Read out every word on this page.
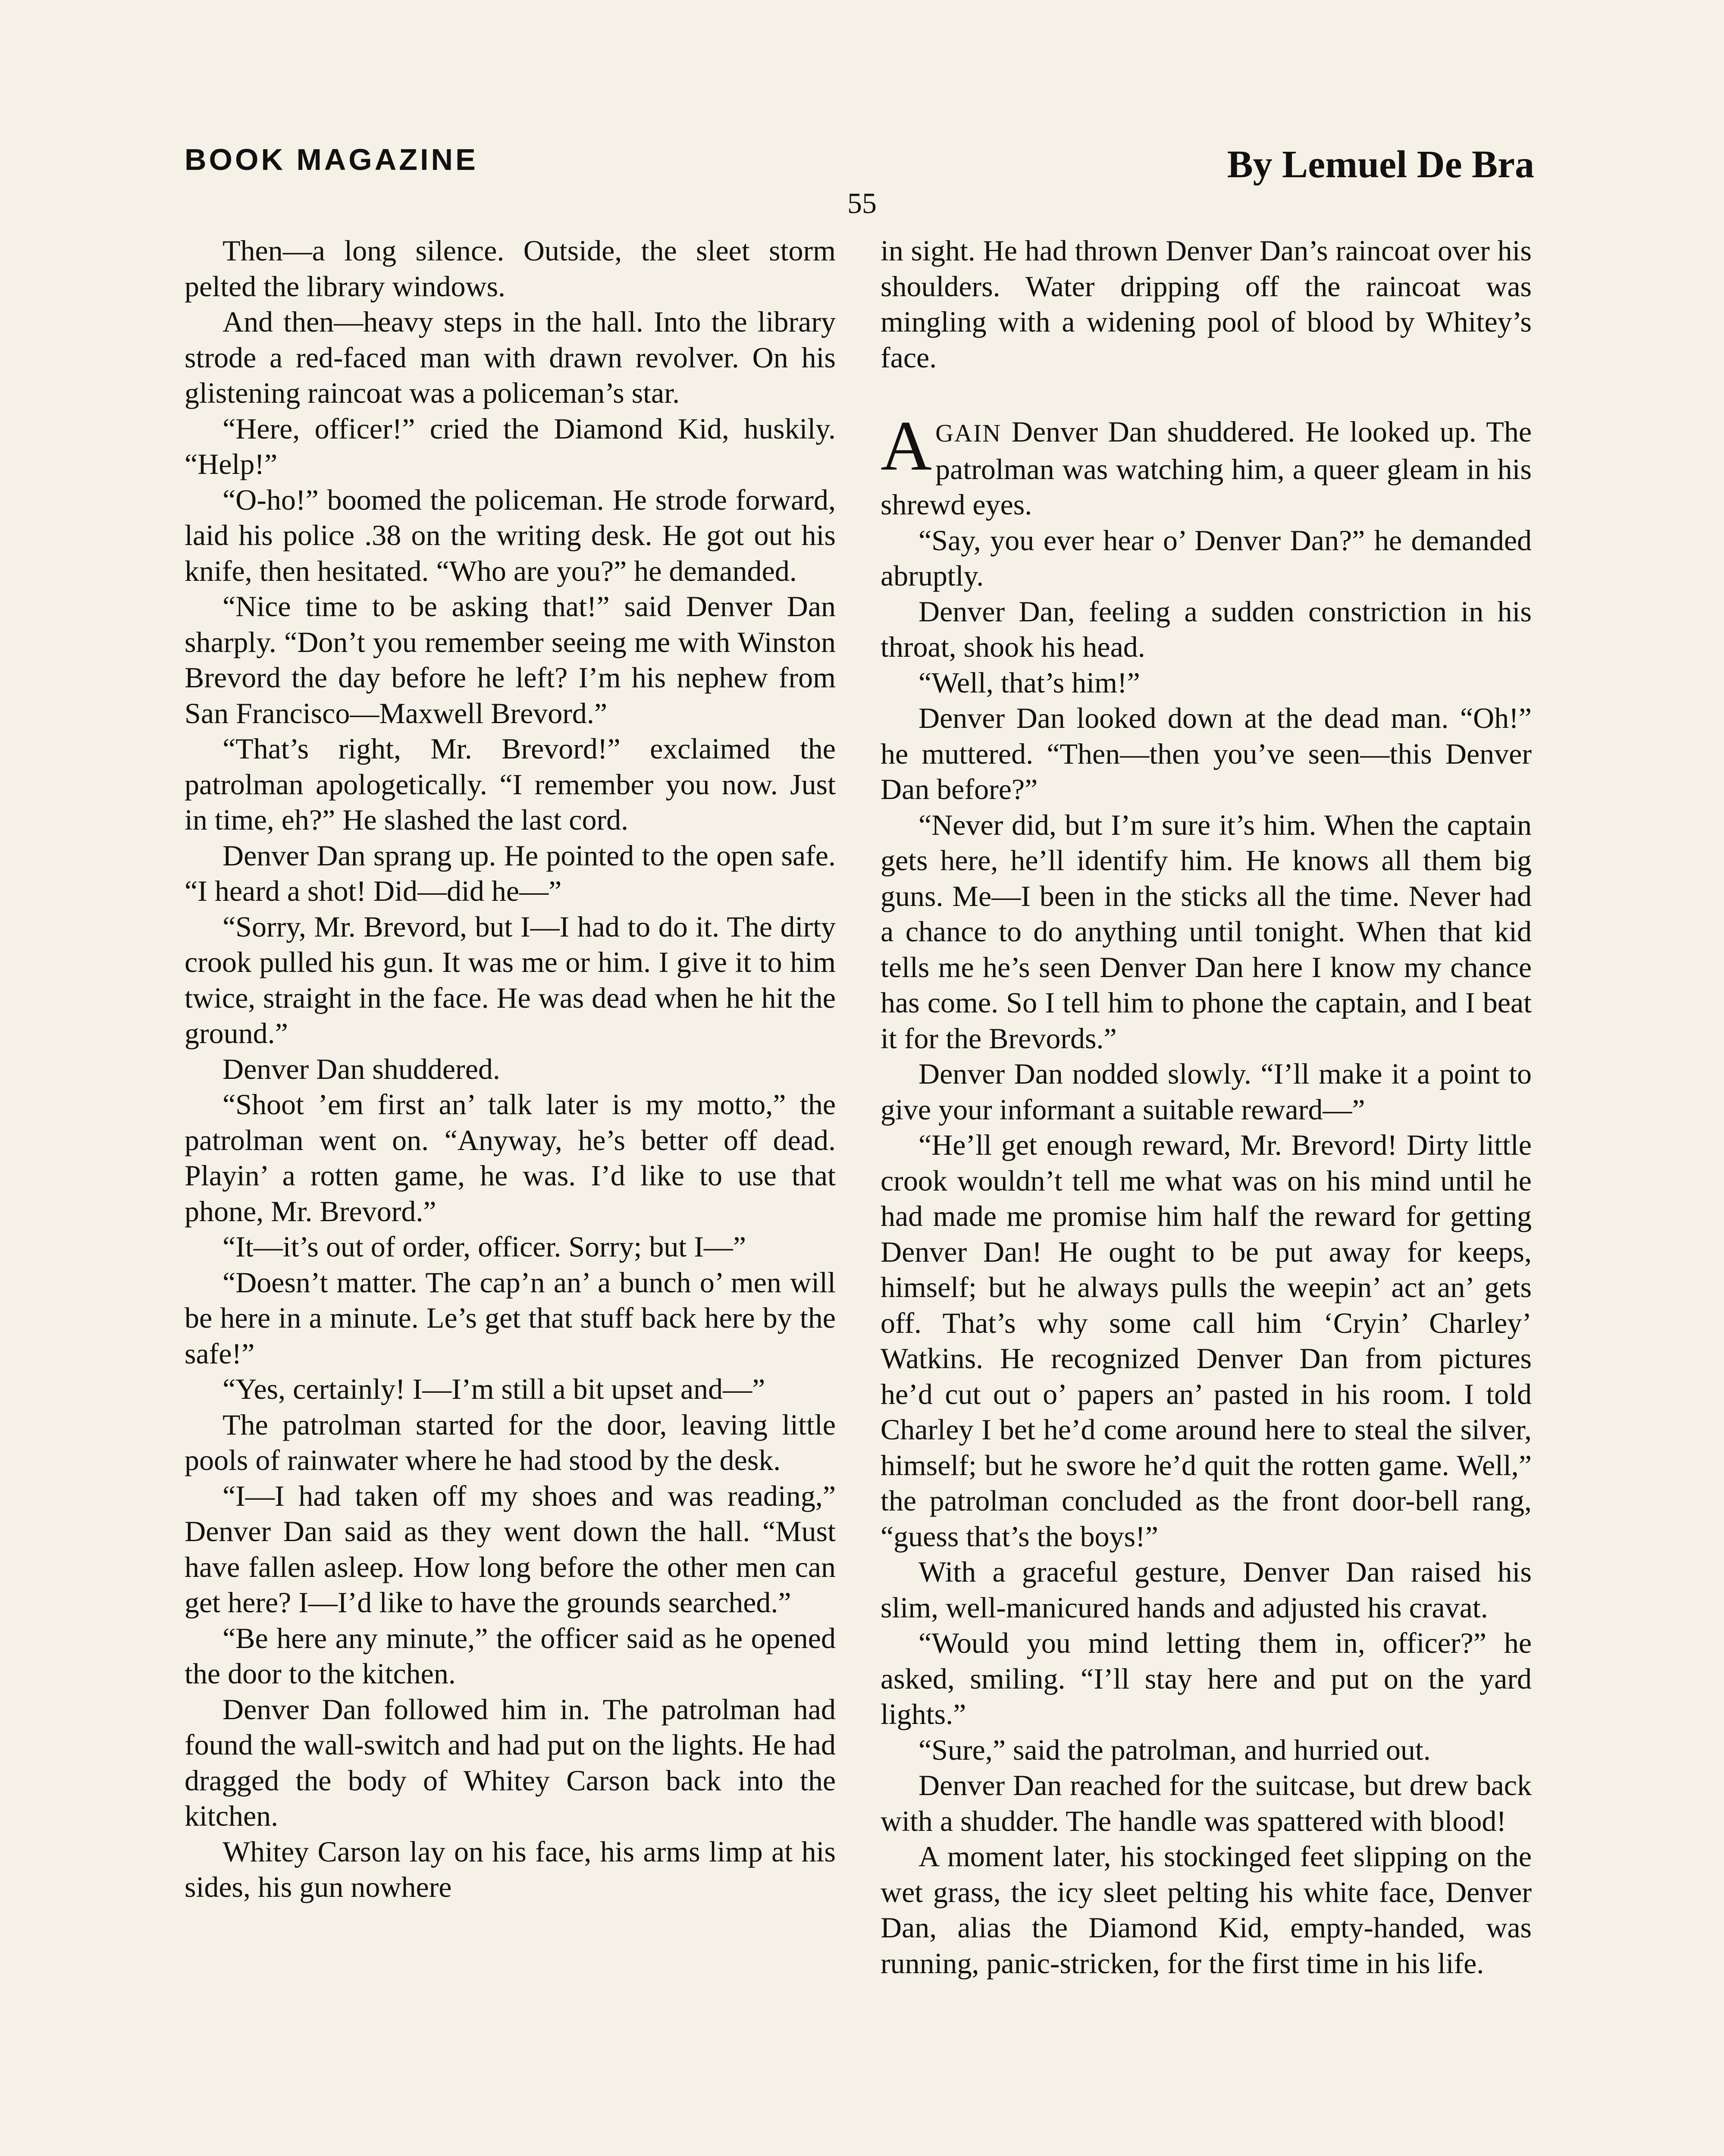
BOOK MAGAZINE	By Lemuel De Bra
55

Then—a long silence. Outside, the sleet storm pelted the library windows.

And then—heavy steps in the hall. Into the library strode a red-faced man with drawn revolver. On his glistening raincoat was a policeman’s star.

“Here, officer!” cried the Diamond Kid, huskily. “Help!”

“O-ho!” boomed the policeman. He strode forward, laid his police .38 on the writing desk. He got out his knife, then hesitated. “Who are you?” he demanded.

“Nice time to be asking that!” said Denver Dan sharply. “Don’t you remember seeing me with Winston Brevord the day before he left? I’m his nephew from San Francisco—Maxwell Brevord.”

“That’s right, Mr. Brevord!” exclaimed the patrolman apologetically. “I remember you now. Just in time, eh?” He slashed the last cord.

Denver Dan sprang up. He pointed to the open safe. “I heard a shot! Did—did he—”

“Sorry, Mr. Brevord, but I—I had to do it. The dirty crook pulled his gun. It was me or him. I give it to him twice, straight in the face. He was dead when he hit the ground.”

Denver Dan shuddered.

“Shoot ’em first an’ talk later is my motto,” the patrolman went on. “Anyway, he’s better off dead. Playin’ a rotten game, he was. I’d like to use that phone, Mr. Brevord.”

“It—it’s out of order, officer. Sorry; but I—”

“Doesn’t matter. The cap’n an’ a bunch o’ men will be here in a minute. Le’s get that stuff back here by the safe!”

“Yes, certainly! I—I’m still a bit upset and—”

The patrolman started for the door, leaving little pools of rainwater where he had stood by the desk.

“I—I had taken off my shoes and was reading,” Denver Dan said as they went down the hall. “Must have fallen asleep. How long before the other men can get here? I—I’d like to have the grounds searched.”

“Be here any minute,” the officer said as he opened the door to the kitchen.

Denver Dan followed him in. The patrolman had found the wall-switch and had put on the lights. He had dragged the body of Whitey Carson back into the kitchen.

Whitey Carson lay on his face, his arms limp at his sides, his gun nowhere

in sight. He had thrown Denver Dan’s raincoat over his shoulders. Water dripping off the raincoat was mingling with a widening pool of blood by Whitey’s face.

AGAIN Denver Dan shuddered. He looked up. The patrolman was watching him, a queer gleam in his shrewd eyes.

“Say, you ever hear o’ Denver Dan?” he demanded abruptly.

Denver Dan, feeling a sudden constriction in his throat, shook his head.

“Well, that’s him!”

Denver Dan looked down at the dead man. “Oh!” he muttered. “Then—then you’ve seen—this Denver Dan before?”

“Never did, but I’m sure it’s him. When the captain gets here, he’ll identify him. He knows all them big guns. Me—I been in the sticks all the time. Never had a chance to do anything until tonight. When that kid tells me he’s seen Denver Dan here I know my chance has come. So I tell him to phone the captain, and I beat it for the Brevords.”

Denver Dan nodded slowly. “I’ll make it a point to give your informant a suitable reward—”

“He’ll get enough reward, Mr. Brevord! Dirty little crook wouldn’t tell me what was on his mind until he had made me promise him half the reward for getting Denver Dan! He ought to be put away for keeps, himself; but he always pulls the weepin’ act an’ gets off. That’s why some call him ‘Cryin’ Charley’ Watkins. He recognized Denver Dan from pictures he’d cut out o’ papers an’ pasted in his room. I told Charley I bet he’d come around here to steal the silver, himself; but he swore he’d quit the rotten game. Well,” the patrolman concluded as the front door-bell rang, “guess that’s the boys!”

With a graceful gesture, Denver Dan raised his slim, well-manicured hands and adjusted his cravat.

“Would you mind letting them in, officer?” he asked, smiling. “I’ll stay here and put on the yard lights.”

“Sure,” said the patrolman, and hurried out.

Denver Dan reached for the suitcase, but drew back with a shudder. The handle was spattered with blood!

A moment later, his stockinged feet slipping on the wet grass, the icy sleet pelting his white face, Denver Dan, alias the Diamond Kid, empty-handed, was running, panic-stricken, for the first time in his life.
